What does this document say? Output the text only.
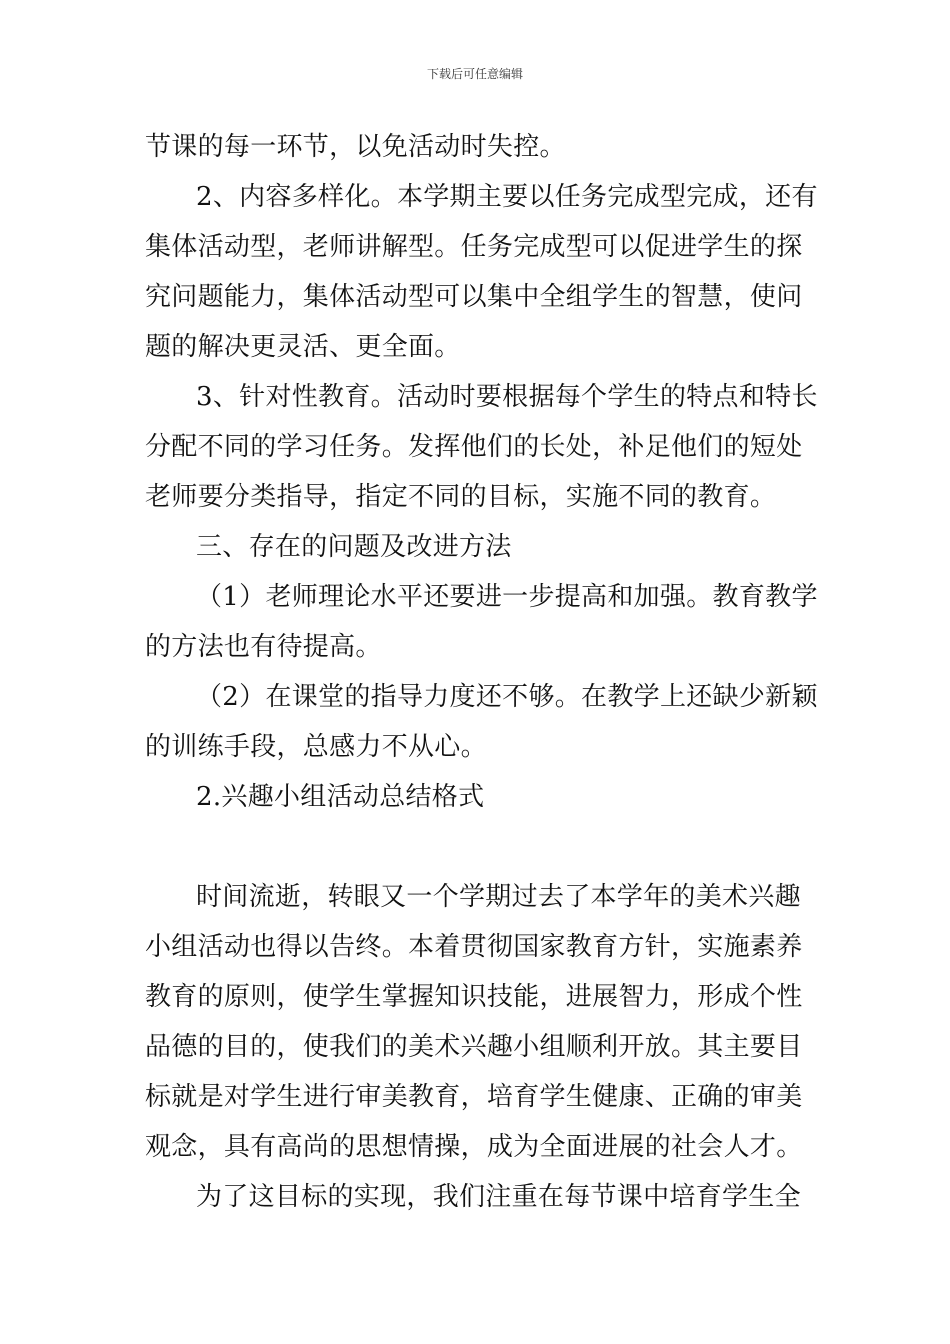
下载后可任意编辑
节课的每一环节，以免活动时失控。
2、内容多样化。本学期主要以任务完成型完成，还有
集体活动型，老师讲解型。任务完成型可以促进学生的探
究问题能力，集体活动型可以集中全组学生的智慧，使问
题的解决更灵活、更全面。
3、针对性教育。活动时要根据每个学生的特点和特长
分配不同的学习任务。发挥他们的长处，补足他们的短处
老师要分类指导，指定不同的目标，实施不同的教育。
三、存在的问题及改进方法
（1）老师理论水平还要进一步提高和加强。教育教学
的方法也有待提高。
（2）在课堂的指导力度还不够。在教学上还缺少新颖
的训练手段，总感力不从心。
2.兴趣小组活动总结格式
时间流逝，转眼又一个学期过去了本学年的美术兴趣
小组活动也得以告终。本着贯彻国家教育方针，实施素养
教育的原则，使学生掌握知识技能，进展智力，形成个性
品德的目的，使我们的美术兴趣小组顺利开放。其主要目
标就是对学生进行审美教育，培育学生健康、正确的审美
观念，具有高尚的思想情操，成为全面进展的社会人才。
为了这目标的实现，我们注重在每节课中培育学生全
